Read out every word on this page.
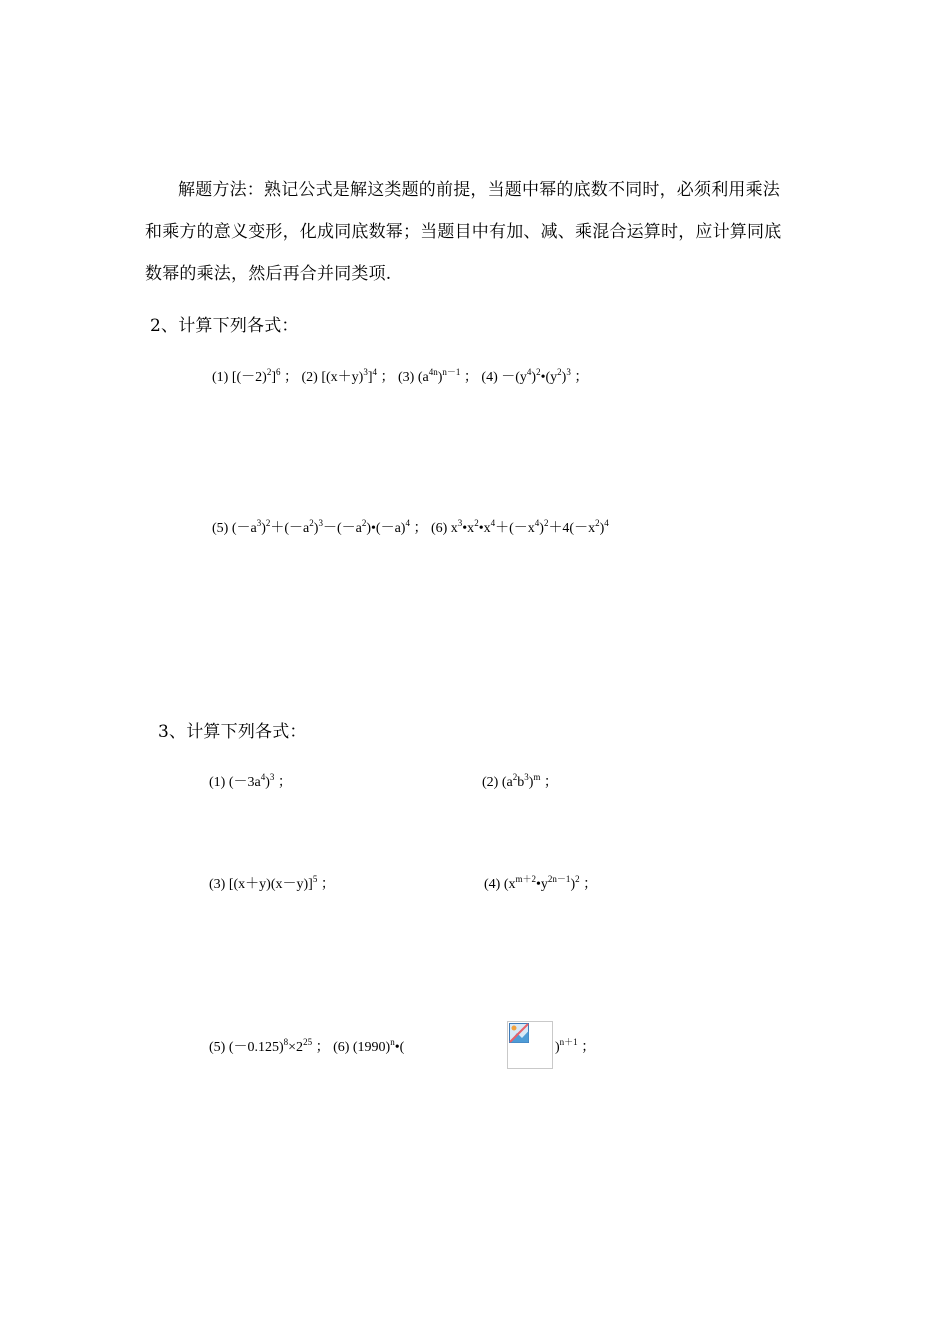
解题方法：熟记公式是解这类题的前提，当题中幂的底数不同时，必须利用乘法
和乘方的意义变形，化成同底数幂；当题目中有加、减、乘混合运算时，应计算同底
数幂的乘法，然后再合并同类项.
2、计算下列各式：
(1) $[(-2)^2]^6$ ； (2) $[(x+y)^3]^4$ ； (3) $(a^{4n})^{n-1}$ ； $(4) -(y^4)^2•(y^2)^3$ ；
(5) $(-a^3)^2+(-a^2)^3-(-a^2)•(-a)^4$ ； (6) $x^3•x^2•x^4+(-x^4)^2+4(-x^2)^4$
3、计算下列各式：
(1) $(-3a^4)^3$ ；	(2) $(a^2b^3)^m$ ；
(3) $[(x+y)(x-y)]^5$ ；	(4) $(x^{m+2}•y^{2n-1})^2$ ；
(5) $(-0.125)^8\times 2^{25}$ ； (6) $(1990)^n•$(	)$^{n+1}$ ；
